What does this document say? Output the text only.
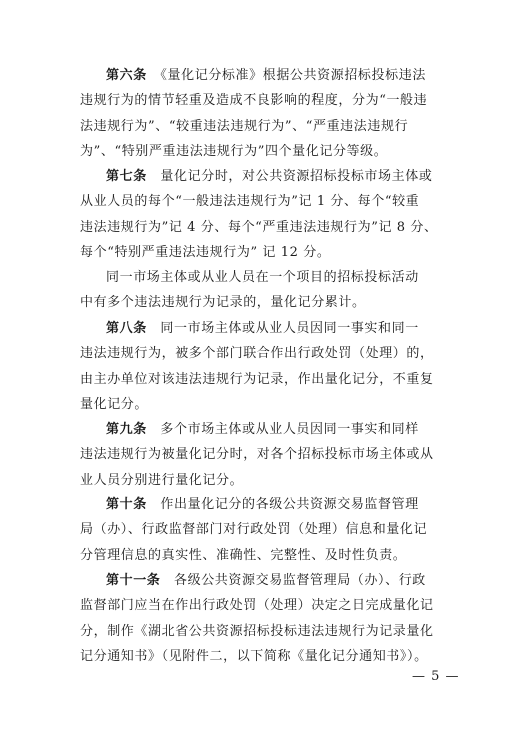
第六条　《量化记分标准》根据公共资源招标投标违法
违规行为的情节轻重及造成不良影响的程度，分为“一般违
法违规行为”、“较重违法违规行为”、“严重违法违规行
为”、“特别严重违法违规行为”四个量化记分等级。
第七条　量化记分时，对公共资源招标投标市场主体或
从业人员的每个“一般违法违规行为”记 1 分、每个“较重
违法违规行为”记 4 分、每个“严重违法违规行为”记 8 分、
每个“特别严重违法违规行为” 记 12 分。
同一市场主体或从业人员在一个项目的招标投标活动
中有多个违法违规行为记录的，量化记分累计。
第八条　同一市场主体或从业人员因同一事实和同一
违法违规行为，被多个部门联合作出行政处罚（处理）的，
由主办单位对该违法违规行为记录，作出量化记分，不重复
量化记分。
第九条　多个市场主体或从业人员因同一事实和同样
违法违规行为被量化记分时，对各个招标投标市场主体或从
业人员分别进行量化记分。
第十条　作出量化记分的各级公共资源交易监督管理
局（办）、行政监督部门对行政处罚（处理）信息和量化记
分管理信息的真实性、准确性、完整性、及时性负责。
第十一条　各级公共资源交易监督管理局（办）、行政
监督部门应当在作出行政处罚（处理）决定之日完成量化记
分，制作《湖北省公共资源招标投标违法违规行为记录量化
记分通知书》（见附件二，以下简称《量化记分通知书》）。
— 5 —
